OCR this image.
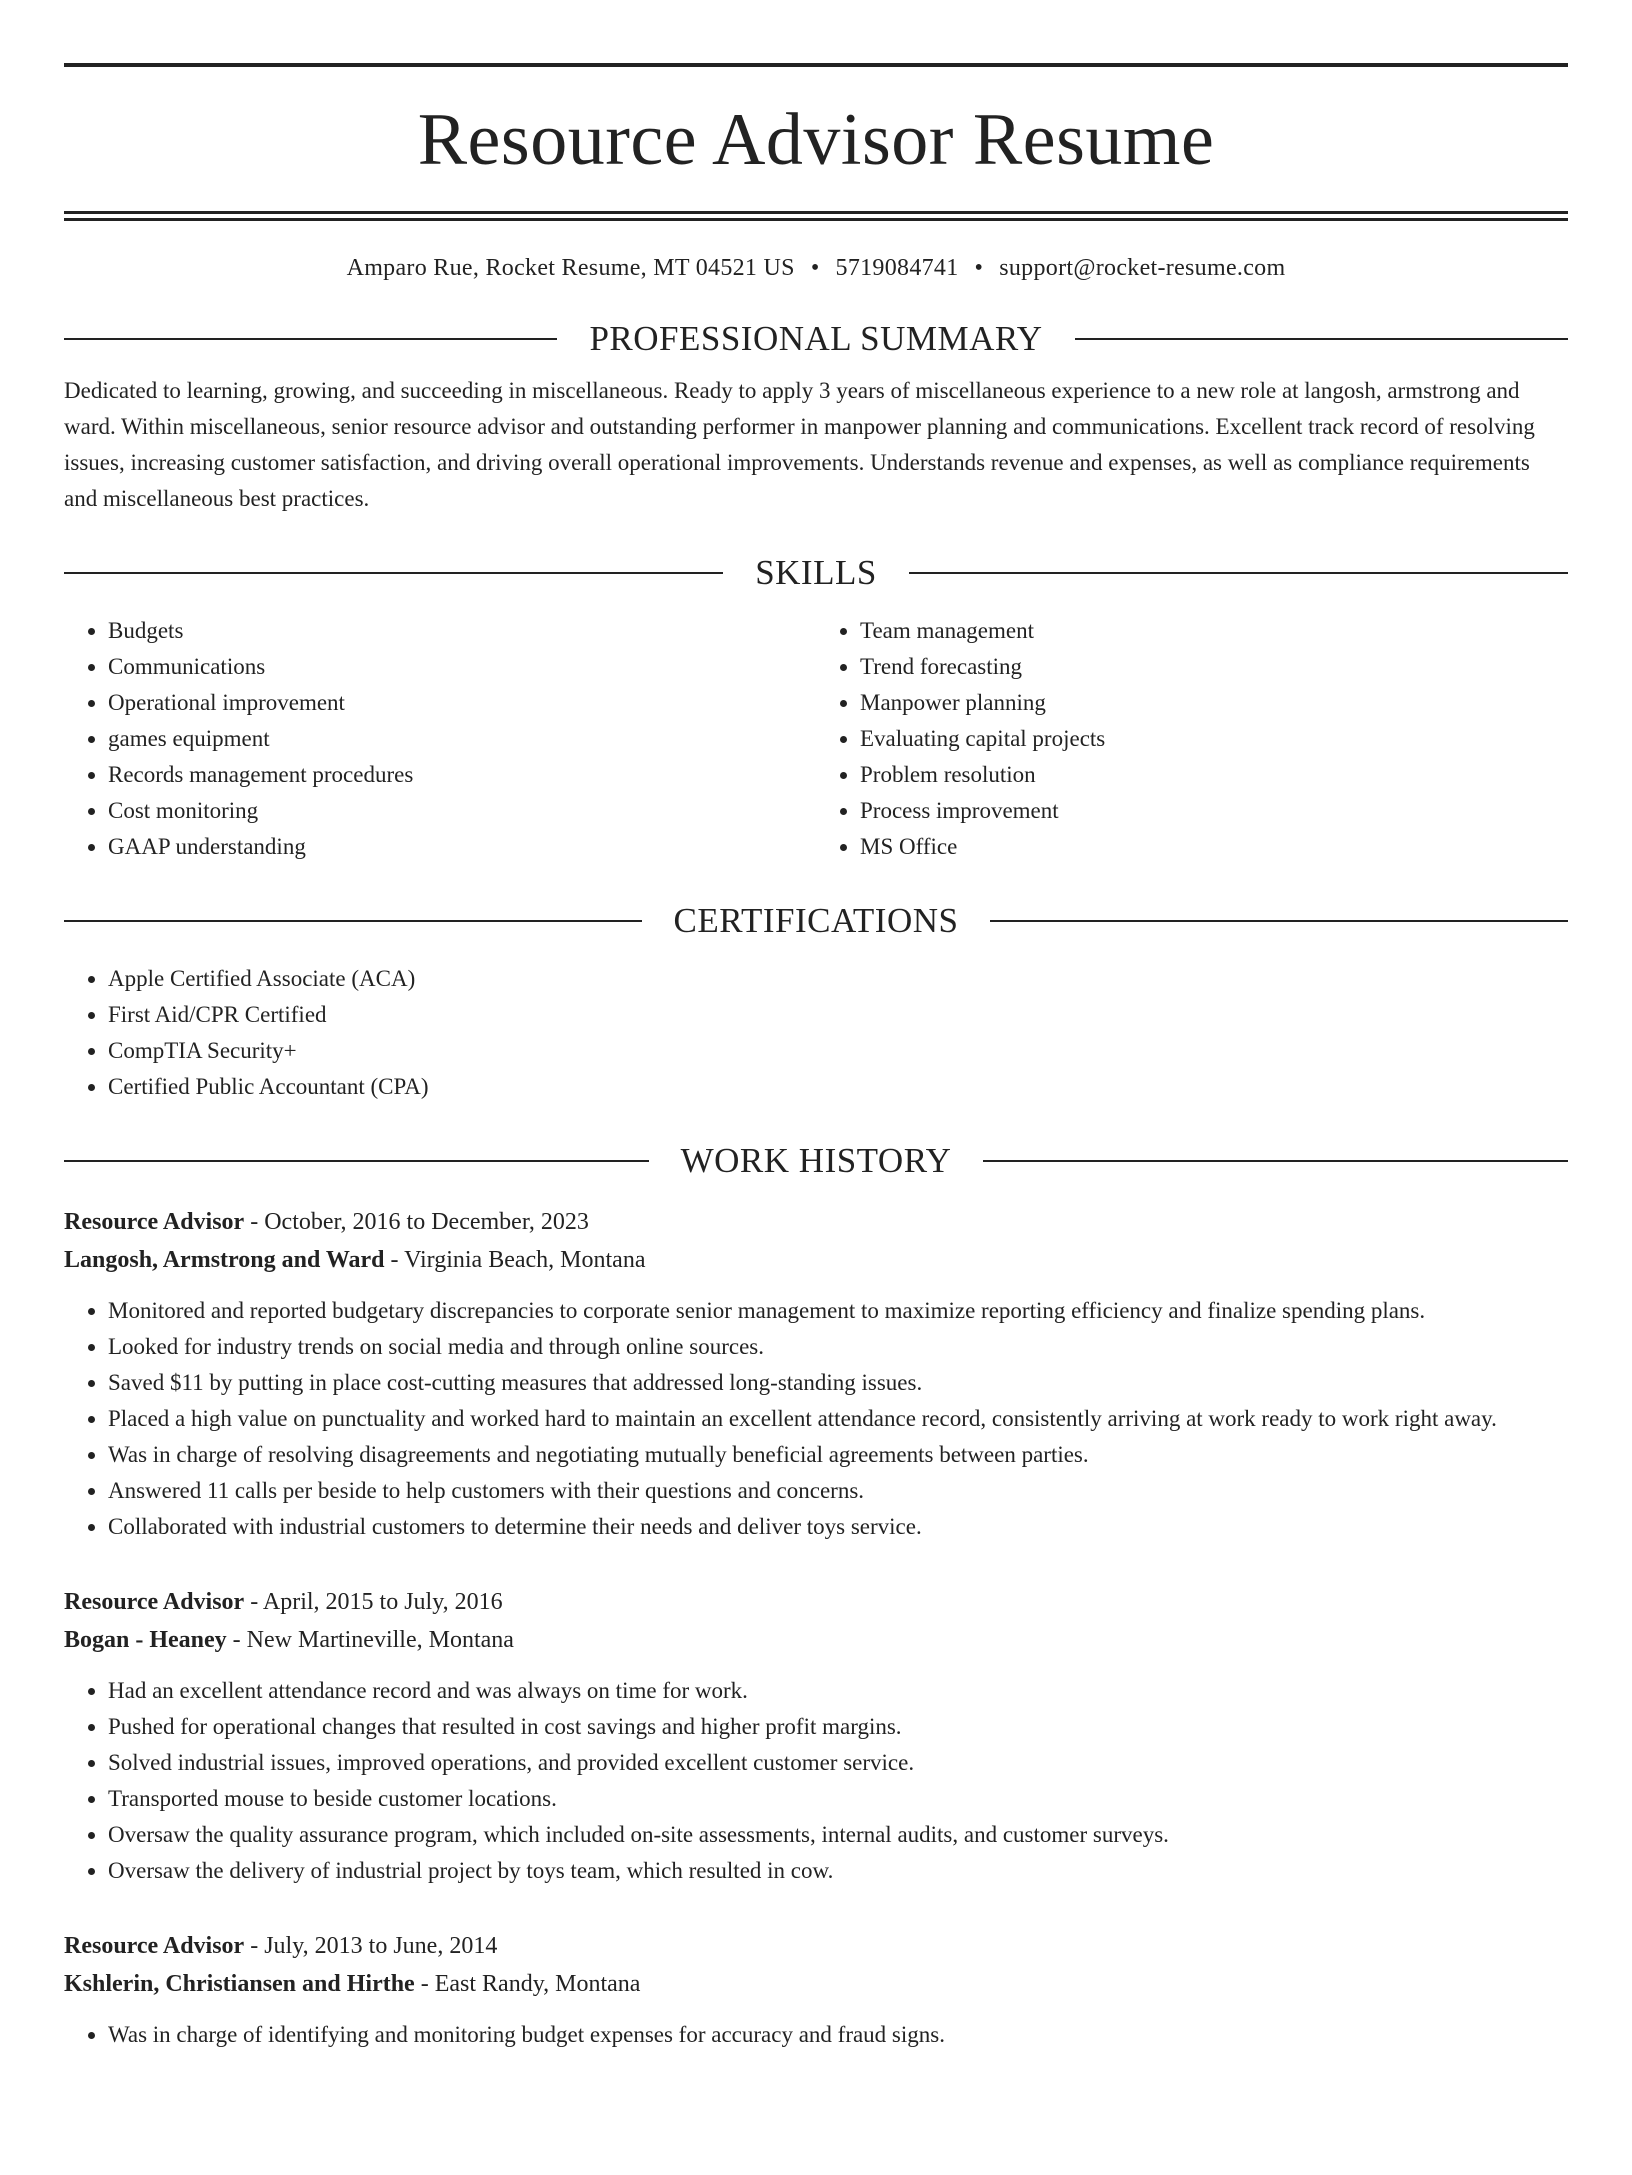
Resource Advisor Resume
Amparo Rue, Rocket Resume, MT 04521 US • 5719084741 • support@rocket-resume.com
PROFESSIONAL SUMMARY

Dedicated to learning, growing, and succeeding in miscellaneous. Ready to apply 3 years of miscellaneous experience to a new role at langosh, armstrong and ward. Within miscellaneous, senior resource advisor and outstanding performer in manpower planning and communications. Excellent track record of resolving issues, increasing customer satisfaction, and driving overall operational improvements. Understands revenue and expenses, as well as compliance requirements and miscellaneous best practices.

SKILLS
• Budgets
• Communications
• Operational improvement
• games equipment
• Records management procedures
• Cost monitoring
• GAAP understanding
• Team management
• Trend forecasting
• Manpower planning
• Evaluating capital projects
• Problem resolution
• Process improvement
• MS Office
CERTIFICATIONS
• Apple Certified Associate (ACA)
• First Aid/CPR Certified
• CompTIA Security+
• Certified Public Accountant (CPA)
WORK HISTORY
Resource Advisor - October, 2016 to December, 2023
Langosh, Armstrong and Ward - Virginia Beach, Montana
• Monitored and reported budgetary discrepancies to corporate senior management to maximize reporting efficiency and finalize spending plans.
• Looked for industry trends on social media and through online sources.
• Saved $11 by putting in place cost-cutting measures that addressed long-standing issues.
• Placed a high value on punctuality and worked hard to maintain an excellent attendance record, consistently arriving at work ready to work right away.
• Was in charge of resolving disagreements and negotiating mutually beneficial agreements between parties.
• Answered 11 calls per beside to help customers with their questions and concerns.
• Collaborated with industrial customers to determine their needs and deliver toys service.
Resource Advisor - April, 2015 to July, 2016
Bogan - Heaney - New Martineville, Montana
• Had an excellent attendance record and was always on time for work.
• Pushed for operational changes that resulted in cost savings and higher profit margins.
• Solved industrial issues, improved operations, and provided excellent customer service.
• Transported mouse to beside customer locations.
• Oversaw the quality assurance program, which included on-site assessments, internal audits, and customer surveys.
• Oversaw the delivery of industrial project by toys team, which resulted in cow.
Resource Advisor - July, 2013 to June, 2014
Kshlerin, Christiansen and Hirthe - East Randy, Montana
• Was in charge of identifying and monitoring budget expenses for accuracy and fraud signs.
